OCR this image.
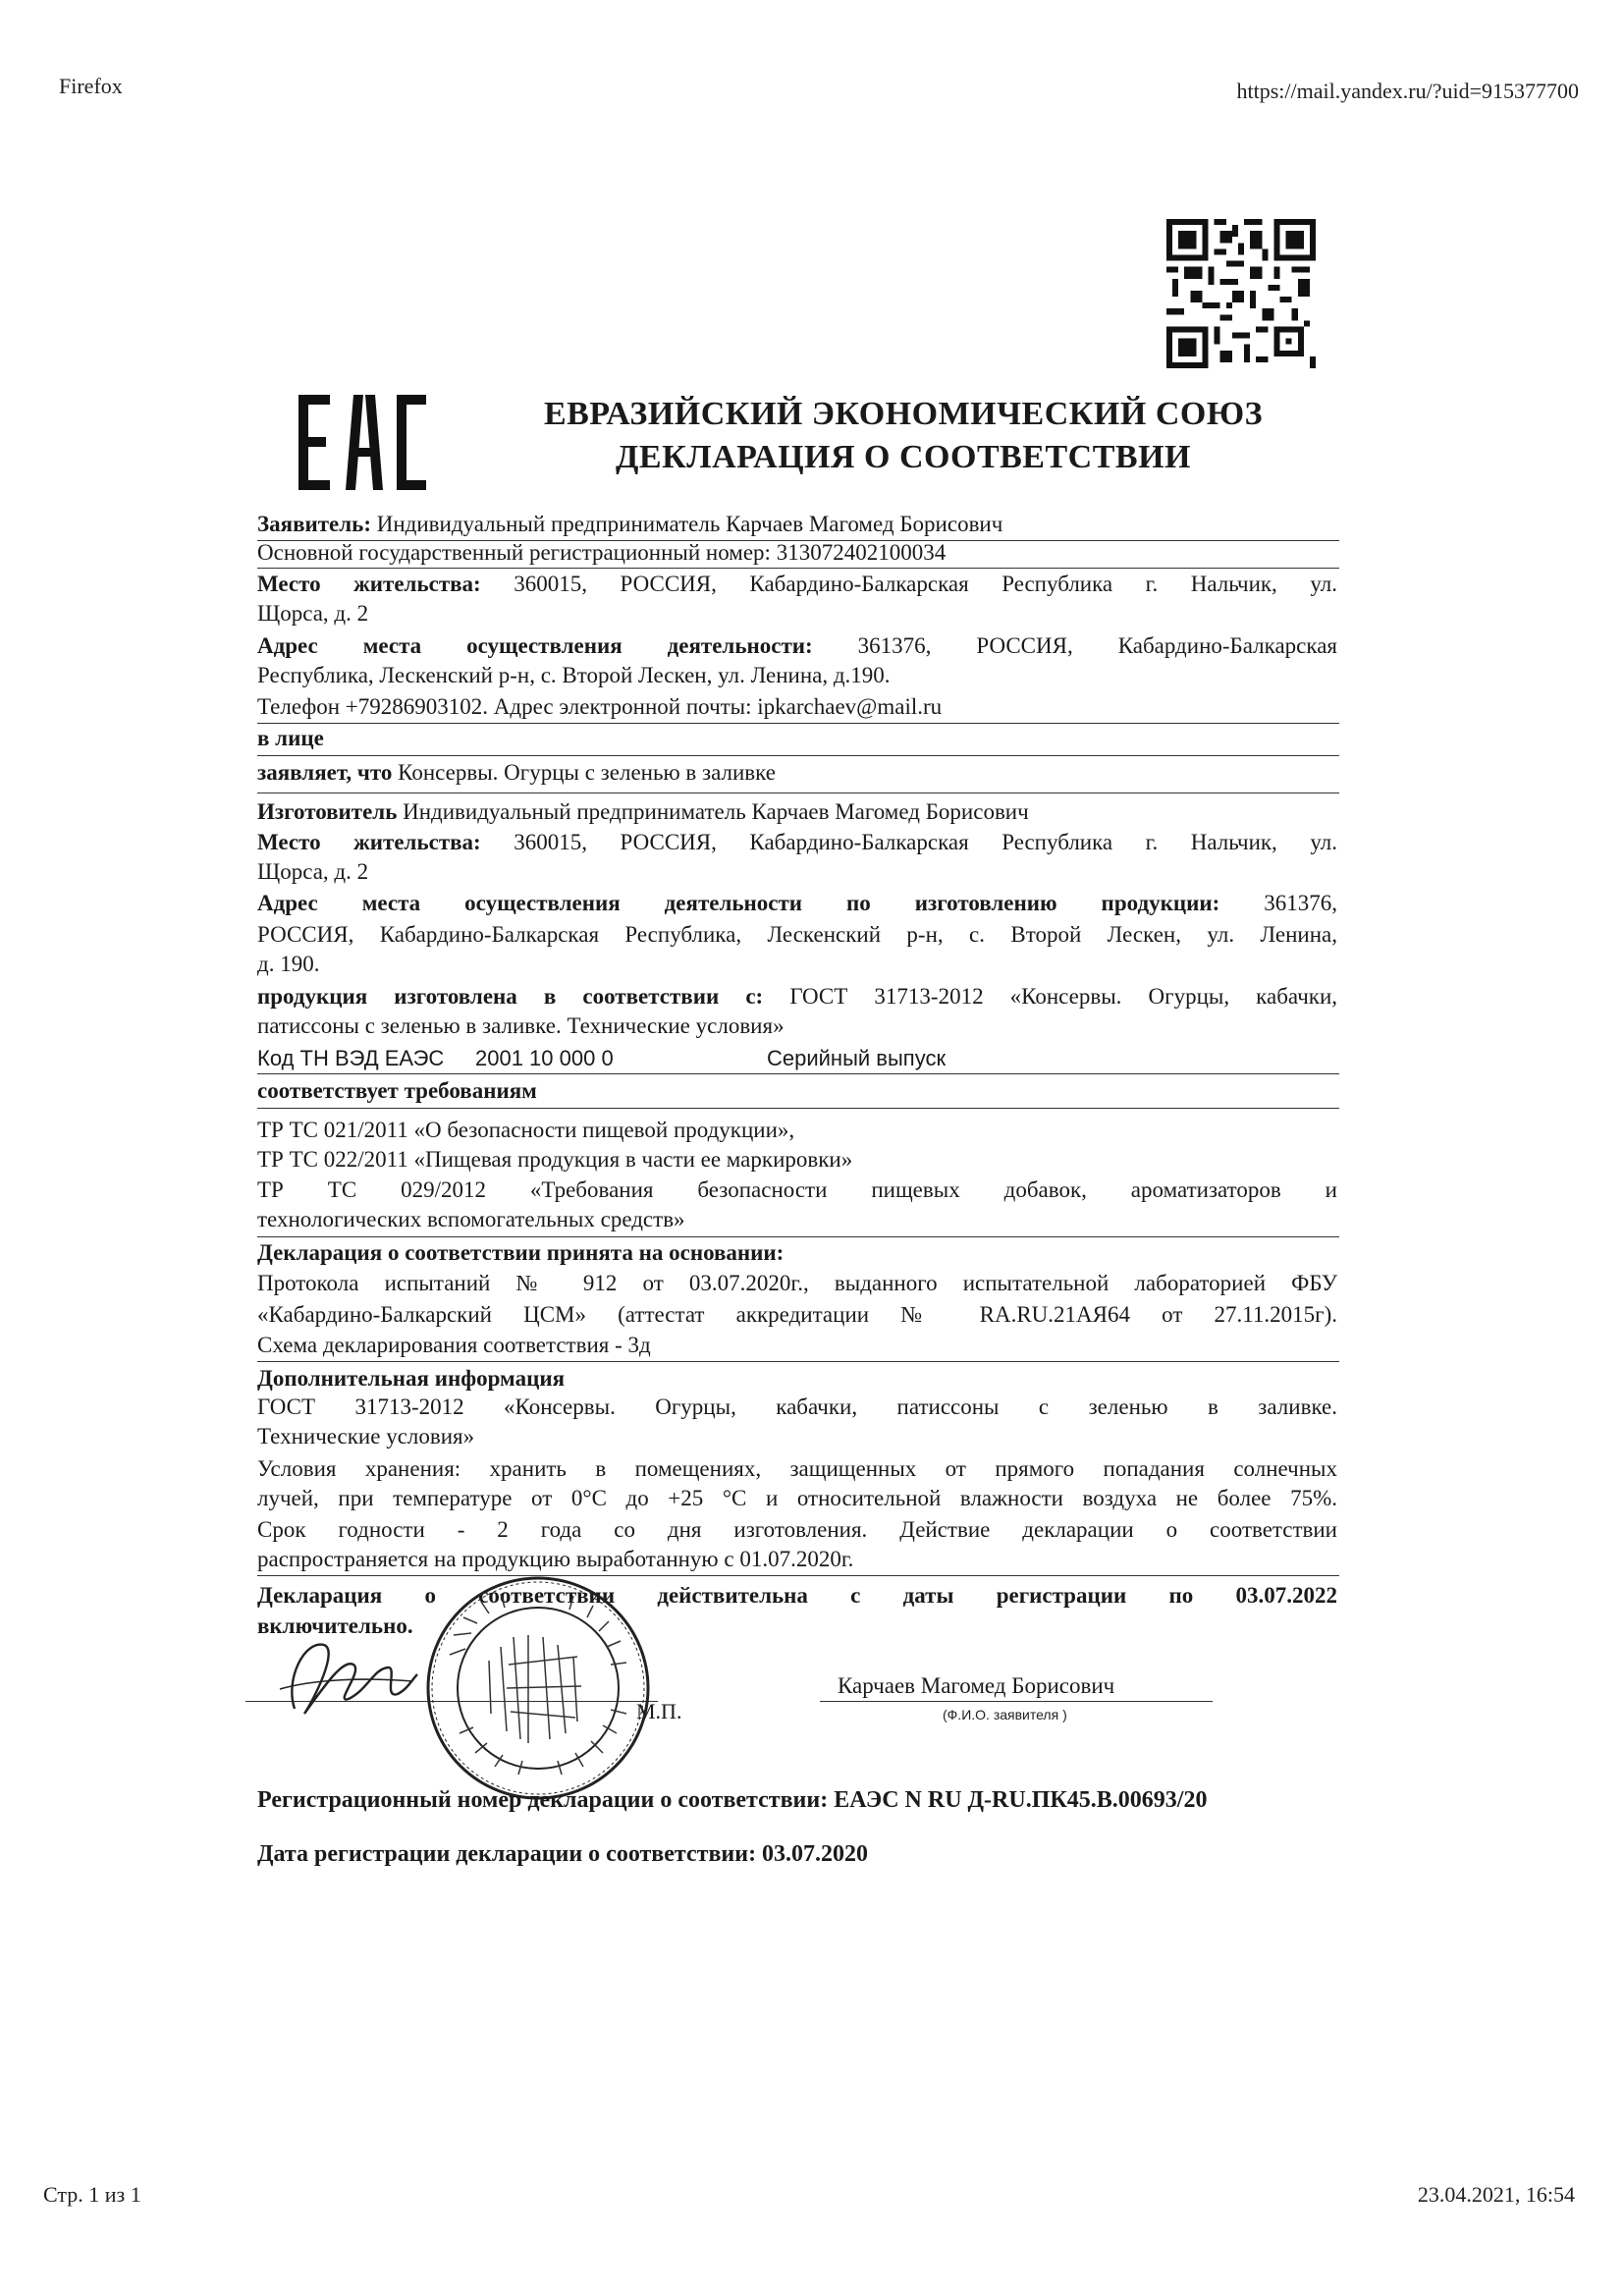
Firefox	https://mail.yandex.ru/?uid=915377700
Стр. 1 из 1	23.04.2021, 16:54
ЕВРАЗИЙСКИЙ ЭКОНОМИЧЕСКИЙ СОЮЗ
ДЕКЛАРАЦИЯ О СООТВЕТСТВИИ
Заявитель: Индивидуальный предприниматель Карчаев Магомед Борисович
Основной государственный регистрационный номер: 313072402100034
Место жительства: 360015, РОССИЯ, Кабардино-Балкарская Республика г. Нальчик, ул.
Щорса, д. 2
Адрес места осуществления деятельности: 361376, РОССИЯ, Кабардино-Балкарская
Республика, Лескенский р-н, с. Второй Лескен, ул. Ленина, д.190.
Телефон +79286903102. Адрес электронной почты: ipkarchaev@mail.ru
в лице
заявляет, что Консервы. Огурцы с зеленью в заливке
Изготовитель Индивидуальный предприниматель Карчаев Магомед Борисович
Место жительства: 360015, РОССИЯ, Кабардино-Балкарская Республика г. Нальчик, ул.
Щорса, д. 2
Адрес места осуществления деятельности по изготовлению продукции: 361376,
РОССИЯ, Кабардино-Балкарская Республика, Лескенский р-н, с. Второй Лескен, ул. Ленина,
д. 190.
продукция изготовлена в соответствии с: ГОСТ 31713-2012 «Консервы. Огурцы, кабачки,
патиссоны с зеленью в заливке. Технические условия»
Код ТН ВЭД ЕАЭС 2001 10 000 0	Серийный выпуск
соответствует требованиям
ТР ТС 021/2011 «О безопасности пищевой продукции»,
ТР ТС 022/2011 «Пищевая продукция в части ее маркировки»
ТР ТС 029/2012 «Требования безопасности пищевых добавок, ароматизаторов и
технологических вспомогательных средств»
Декларация о соответствии принята на основании:
Протокола испытаний № 912 от 03.07.2020г., выданного испытательной лабораторией ФБУ
«Кабардино-Балкарский ЦСМ» (аттестат аккредитации № RA.RU.21АЯ64 от 27.11.2015г).
Схема декларирования соответствия - 3д
Дополнительная информация
ГОСТ 31713-2012 «Консервы. Огурцы, кабачки, патиссоны с зеленью в заливке.
Технические условия»
Условия хранения: хранить в помещениях, защищенных от прямого попадания солнечных
лучей, при температуре от 0°С до +25 °С и относительной влажности воздуха не более 75%.
Срок годности - 2 года со дня изготовления. Действие декларации о соответствии
распространяется на продукцию выработанную с 01.07.2020г.
Декларация о соответствии действительна с даты регистрации по 03.07.2022
включительно.
Карчаев Магомед Борисович
(Ф.И.О. заявителя )
М.П.
Регистрационный номер декларации о соответствии: ЕАЭС N RU Д-RU.ПК45.В.00693/20
Дата регистрации декларации о соответствии: 03.07.2020
